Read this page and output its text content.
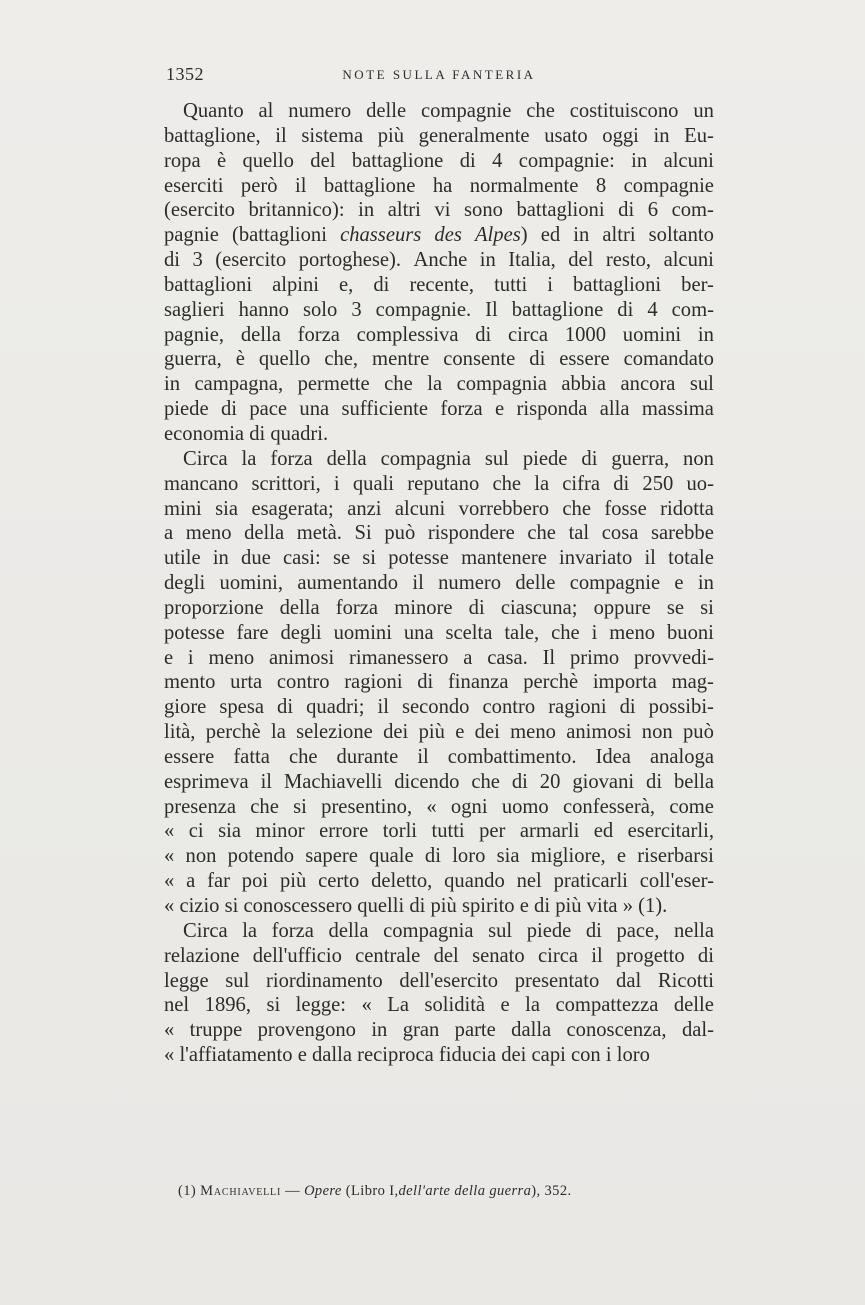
1352	NOTE SULLA FANTERIA
Quanto al numero delle compagnie che costituiscono un
battaglione, il sistema più generalmente usato oggi in Eu-
ropa è quello del battaglione di 4 compagnie: in alcuni
eserciti però il battaglione ha normalmente 8 compagnie
(esercito britannico): in altri vi sono battaglioni di 6 com-
pagnie (battaglioni chasseurs des Alpes) ed in altri soltanto
di 3 (esercito portoghese). Anche in Italia, del resto, alcuni
battaglioni alpini e, di recente, tutti i battaglioni ber-
saglieri hanno solo 3 compagnie. Il battaglione di 4 com-
pagnie, della forza complessiva di circa 1000 uomini in
guerra, è quello che, mentre consente di essere comandato
in campagna, permette che la compagnia abbia ancora sul
piede di pace una sufficiente forza e risponda alla massima
economia di quadri.
Circa la forza della compagnia sul piede di guerra, non
mancano scrittori, i quali reputano che la cifra di 250 uo-
mini sia esagerata; anzi alcuni vorrebbero che fosse ridotta
a meno della metà. Si può rispondere che tal cosa sarebbe
utile in due casi: se si potesse mantenere invariato il totale
degli uomini, aumentando il numero delle compagnie e in
proporzione della forza minore di ciascuna; oppure se si
potesse fare degli uomini una scelta tale, che i meno buoni
e i meno animosi rimanessero a casa. Il primo provvedi-
mento urta contro ragioni di finanza perchè importa mag-
giore spesa di quadri; il secondo contro ragioni di possibi-
lità, perchè la selezione dei più e dei meno animosi non può
essere fatta che durante il combattimento. Idea analoga
esprimeva il Machiavelli dicendo che di 20 giovani di bella
presenza che si presentino, « ogni uomo confesserà, come
« ci sia minor errore torli tutti per armarli ed esercitarli,
« non potendo sapere quale di loro sia migliore, e riserbarsi
« a far poi più certo deletto, quando nel praticarli coll'eser-
« cizio si conoscessero quelli di più spirito e di più vita » (1).
Circa la forza della compagnia sul piede di pace, nella
relazione dell'ufficio centrale del senato circa il progetto di
legge sul riordinamento dell'esercito presentato dal Ricotti
nel 1896, si legge: « La solidità e la compattezza delle
« truppe provengono in gran parte dalla conoscenza, dal-
« l'affiatamento e dalla reciproca fiducia dei capi con i loro
(1) Machiavelli — Opere (Libro I,dell'arte della guerra), 352.
